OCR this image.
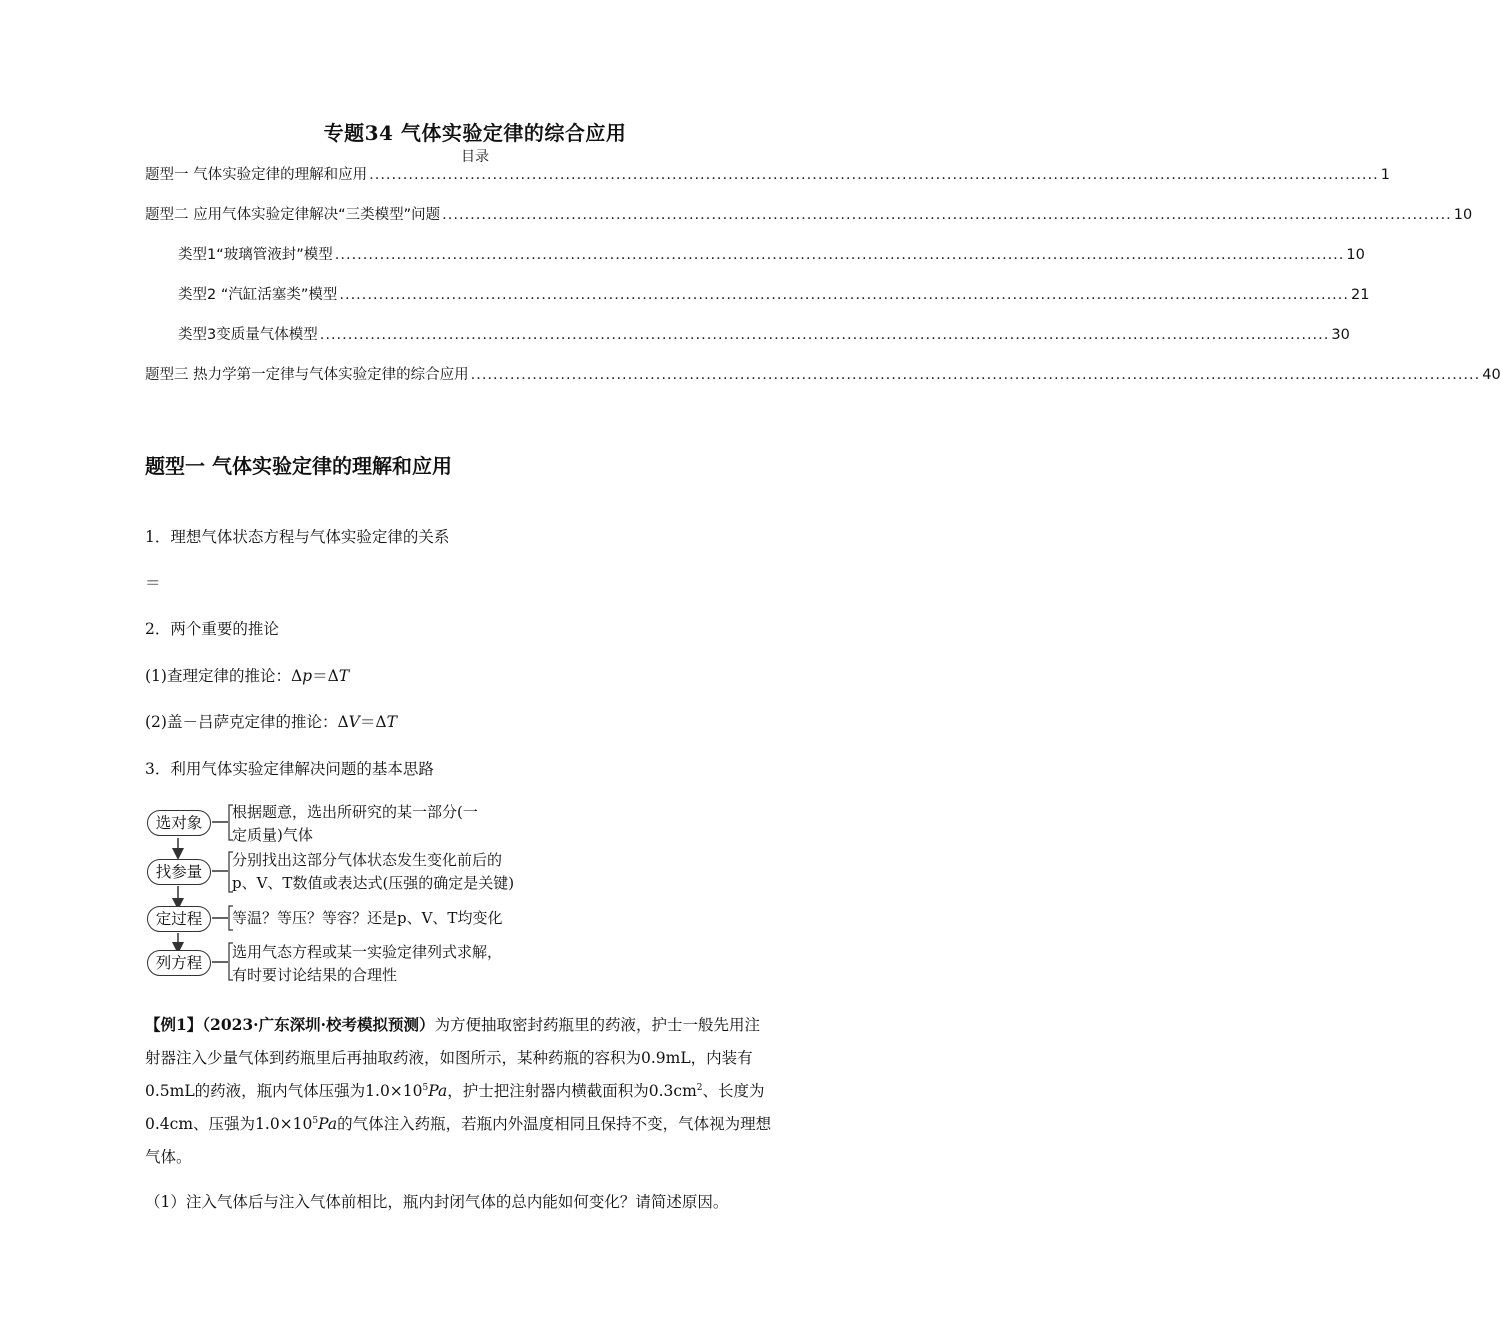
专题34 气体实验定律的综合应用
目录
题型一 气体实验定律的理解和应用 .................................................................................................................................................................................... 1
题型二 应用气体实验定律解决“三类模型”问题 .................................................................................................................................................................................... 10
类型1“玻璃管液封”模型 .................................................................................................................................................................................... 10
类型2 “汽缸活塞类”模型 .................................................................................................................................................................................... 21
类型3变质量气体模型 .................................................................................................................................................................................... 30
题型三 热力学第一定律与气体实验定律的综合应用 .................................................................................................................................................................................... 40
题型一 气体实验定律的理解和应用
1．理想气体状态方程与气体实验定律的关系
＝
2．两个重要的推论
(1)查理定律的推论：Δp＝ΔT
(2)盖－吕萨克定律的推论：ΔV＝ΔT
3．利用气体实验定律解决问题的基本思路
选对象
找参量
定过程
列方程
根据题意，选出所研究的某一部分(一
定质量)气体
分别找出这部分气体状态发生变化前后的
p、V、T数值或表达式(压强的确定是关键)
等温？等压？等容？还是p、V、T均变化
选用气态方程或某一实验定律列式求解，
有时要讨论结果的合理性
【例1】（2023·广东深圳·校考模拟预测）为方便抽取密封药瓶里的药液，护士一般先用注
射器注入少量气体到药瓶里后再抽取药液，如图所示，某种药瓶的容积为0.9mL，内装有
0.5mL的药液，瓶内气体压强为$1.0\times 10^5Pa$，护士把注射器内横截面积为$0.3cm^2$、长度为
0.4cm、压强为$1.0\times 10^5Pa$的气体注入药瓶，若瓶内外温度相同且保持不变，气体视为理想
气体。
（1）注入气体后与注入气体前相比，瓶内封闭气体的总内能如何变化？请简述原因。
